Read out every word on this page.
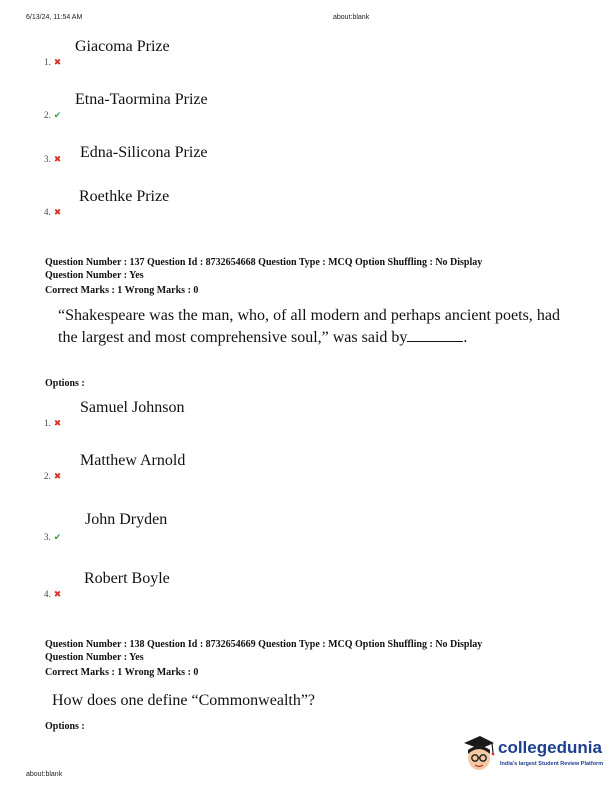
6/13/24, 11:54 AM	about:blank
Giacoma Prize
1. ✖
Etna-Taormina Prize
2. ✔
Edna-Silicona Prize
3. ✖
Roethke Prize
4. ✖
Question Number : 137 Question Id : 8732654668 Question Type : MCQ Option Shuffling : No Display
Question Number : Yes
Correct Marks : 1 Wrong Marks : 0
“Shakespeare was the man, who, of all modern and perhaps ancient poets, had the largest and most comprehensive soul,” was said by	.
Options :
Samuel Johnson
1. ✖
Matthew Arnold
2. ✖
John Dryden
3. ✔
Robert Boyle
4. ✖
Question Number : 138 Question Id : 8732654669 Question Type : MCQ Option Shuffling : No Display
Question Number : Yes
Correct Marks : 1 Wrong Marks : 0
How does one define “Commonwealth”?
Options :
about:blank
collegedunia
India's largest Student Review Platform
